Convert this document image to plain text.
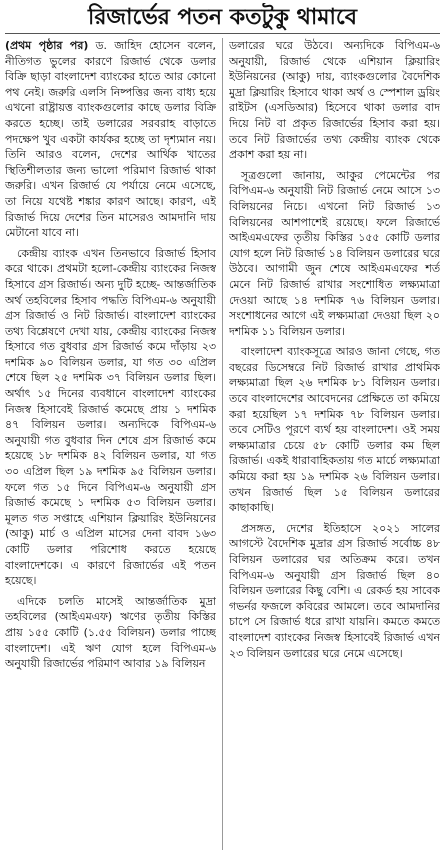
রিজার্ভের পতন কতটুকু থামাবে

(প্রথম পৃষ্ঠার পর) ড. জাহিদ হোসেন বলেন, নীতিগত ভুলের কারণে রিজার্ভ থেকে ডলার বিক্রি ছাড়া বাংলাদেশ ব্যাংকের হাতে আর কোনো পথ নেই। জরুরি এলসি নিষ্পত্তির জন্য বাধ্য হয়ে এখনো রাষ্ট্রায়ত্ত ব্যাংকগুলোর কাছে ডলার বিক্রি করতে হচ্ছে। তাই ডলারের সরবরাহ বাড়াতে পদক্ষেপ খুব একটা কার্যকর হচ্ছে তা দৃশ্যমান নয়। তিনি আরও বলেন, দেশের আর্থিক খাতের স্থিতিশীলতার জন্য ভালো পরিমাণ রিজার্ভ থাকা জরুরি। এখন রিজার্ভ যে পর্যায়ে নেমে এসেছে, তা নিয়ে যথেষ্ট শঙ্কার কারণ আছে। কারণ, এই রিজার্ভ দিয়ে দেশের তিন মাসেরও আমদানি দায় মেটানো যাবে না।

কেন্দ্রীয় ব্যাংক এখন তিনভাবে রিজার্ভ হিসাব করে থাকে। প্রথমটা হলো-কেন্দ্রীয় ব্যাংকের নিজস্ব হিসাবে গ্রস রিজার্ভ। অন্য দুটি হচ্ছে- আন্তর্জাতিক অর্থ তহবিলের হিসাব পদ্ধতি বিপিএম-৬ অনুযায়ী গ্রস রিজার্ভ ও নিট রিজার্ভ। বাংলাদেশ ব্যাংকের তথ্য বিশ্লেষণে দেখা যায়, কেন্দ্রীয় ব্যাংকের নিজস্ব হিসাবে গত বুধবার গ্রস রিজার্ভ কমে দাঁড়ায় ২৩ দশমিক ৯০ বিলিয়ন ডলার, যা গত ৩০ এপ্রিল শেষে ছিল ২৫ দশমিক ৩৭ বিলিয়ন ডলার ছিল। অর্থাৎ ১৫ দিনের ব্যবধানে বাংলাদেশ ব্যাংকের নিজস্ব হিসাবেই রিজার্ভ কমেছে প্রায় ১ দশমিক ৪৭ বিলিয়ন ডলার। অন্যদিকে বিপিএম-৬ অনুযায়ী গত বুধবার দিন শেষে গ্রস রিজার্ভ কমে হয়েছে ১৮ দশমিক ৪২ বিলিয়ন ডলার, যা গত ৩০ এপ্রিল ছিল ১৯ দশমিক ৯৫ বিলিয়ন ডলার। ফলে গত ১৫ দিনে বিপিএম-৬ অনুযায়ী গ্রস রিজার্ভ কমেছে ১ দশমিক ৫৩ বিলিয়ন ডলার। মূলত গত সপ্তাহে এশিয়ান ক্লিয়ারিং ইউনিয়নের (আকু) মার্চ ও এপ্রিল মাসের দেনা বাবদ ১৬৩ কোটি ডলার পরিশোধ করতে হয়েছে বাংলাদেশকে। এ কারণে রিজার্ভের এই পতন হয়েছে।

এদিকে চলতি মাসেই আন্তর্জাতিক মুদ্রা তহবিলের (আইএমএফ) ঋণের তৃতীয় কিস্তির প্রায় ১৫৫ কোটি (১.৫৫ বিলিয়ন) ডলার পাচ্ছে বাংলাদেশ। এই ঋণ যোগ হলে বিপিএম-৬ অনুযায়ী রিজার্ভের পরিমাণ আবার ১৯ বিলিয়ন

ডলারের ঘরে উঠবে। অন্যদিকে বিপিএম-৬ অনুযায়ী, রিজার্ভ থেকে এশিয়ান ক্লিয়ারিং ইউনিয়নের (আকু) দায়, ব্যাংকগুলোর বৈদেশিক মুদ্রা ক্লিয়ারিং হিসাবে থাকা অর্থ ও স্পেশাল ড্রয়িং রাইটস (এসডিআর) হিসেবে থাকা ডলার বাদ দিয়ে নিট বা প্রকৃত রিজার্ভের হিসাব করা হয়। তবে নিট রিজার্ভের তথ্য কেন্দ্রীয় ব্যাংক থেকে প্রকাশ করা হয় না।

সূত্রগুলো জানায়, আকুর পেমেন্টের পর বিপিএম-৬ অনুযায়ী নিট রিজার্ভ নেমে আসে ১৩ বিলিয়নের নিচে। এখনো নিট রিজার্ভ ১৩ বিলিয়নের আশপাশেই রয়েছে। ফলে রিজার্ভে আইএমএফের তৃতীয় কিস্তির ১৫৫ কোটি ডলার যোগ হলে নিট রিজার্ভ ১৪ বিলিয়ন ডলারের ঘরে উঠবে। আগামী জুন শেষে আইএমএফের শর্ত মেনে নিট রিজার্ভ রাখার সংশোধিত লক্ষ্যমাত্রা দেওয়া আছে ১৪ দশমিক ৭৬ বিলিয়ন ডলার। সংশোধনের আগে এই লক্ষ্যমাত্রা দেওয়া ছিল ২০ দশমিক ১১ বিলিয়ন ডলার।

বাংলাদেশ ব্যাংকসূত্রে আরও জানা গেছে, গত বছরের ডিসেম্বরে নিট রিজার্ভ রাখার প্রাথমিক লক্ষ্যমাত্রা ছিল ২৬ দশমিক ৮১ বিলিয়ন ডলার। তবে বাংলাদেশের আবেদনের প্রেক্ষিতে তা কমিয়ে করা হয়েছিল ১৭ দশমিক ৭৮ বিলিয়ন ডলার। তবে সেটিও পূরণে ব্যর্থ হয় বাংলাদেশ। ওই সময় লক্ষ্যমাত্রার চেয়ে ৫৮ কোটি ডলার কম ছিল রিজার্ভ। একই ধারাবাহিকতায় গত মার্চে লক্ষ্যমাত্রা কমিয়ে করা হয় ১৯ দশমিক ২৬ বিলিয়ন ডলার। তখন রিজার্ভ ছিল ১৫ বিলিয়ন ডলারের কাছাকাছি।

প্রসঙ্গত, দেশের ইতিহাসে ২০২১ সালের আগস্টে বৈদেশিক মুদ্রার গ্রস রিজার্ভ সর্বোচ্চ ৪৮ বিলিয়ন ডলারের ঘর অতিক্রম করে। তখন বিপিএম-৬ অনুযায়ী গ্রস রিজার্ভ ছিল ৪০ বিলিয়ন ডলারের কিছু বেশি। এ রেকর্ড হয় সাবেক গভর্নর ফজলে কবিরের আমলে। তবে আমদানির চাপে সে রিজার্ভ ধরে রাখা যায়নি। কমতে কমতে বাংলাদেশ ব্যাংকের নিজস্ব হিসাবেই রিজার্ভ এখন ২৩ বিলিয়ন ডলারের ঘরে নেমে এসেছে।
